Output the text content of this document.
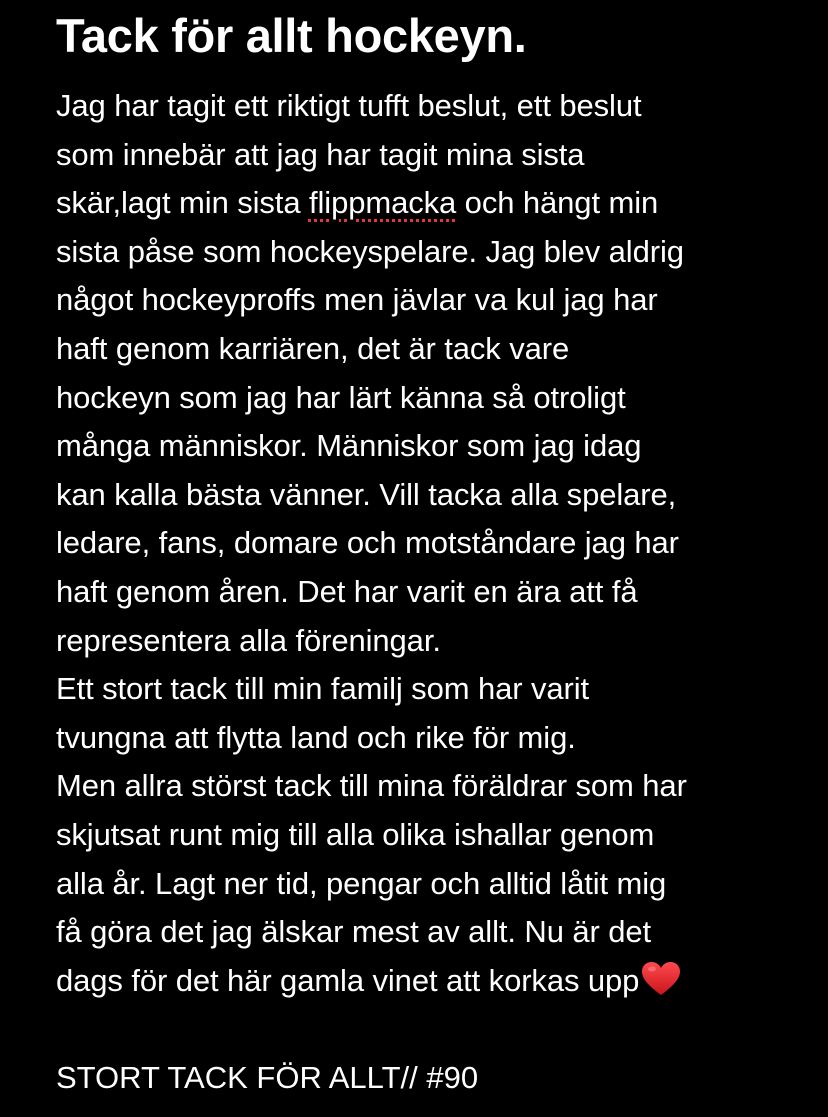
Tack för allt hockeyn.
Jag har tagit ett riktigt tufft beslut, ett beslut
som innebär att jag har tagit mina sista
skär,lagt min sista flippmacka och hängt min
sista påse som hockeyspelare. Jag blev aldrig
något hockeyproffs men jävlar va kul jag har
haft genom karriären, det är tack vare
hockeyn som jag har lärt känna så otroligt
många människor. Människor som jag idag
kan kalla bästa vänner. Vill tacka alla spelare,
ledare, fans, domare och motståndare jag har
haft genom åren. Det har varit en ära att få
representera alla föreningar.
Ett stort tack till min familj som har varit
tvungna att flytta land och rike för mig.
Men allra störst tack till mina föräldrar som har
skjutsat runt mig till alla olika ishallar genom
alla år. Lagt ner tid, pengar och alltid låtit mig
få göra det jag älskar mest av allt. Nu är det
dags för det här gamla vinet att korkas upp
STORT TACK FÖR ALLT// #90
